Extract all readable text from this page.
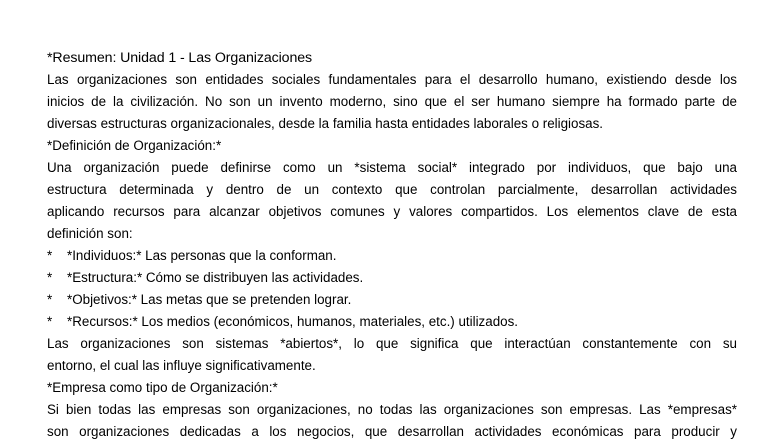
*Resumen: Unidad 1 - Las Organizaciones
Las organizaciones son entidades sociales fundamentales para el desarrollo humano, existiendo desde los
inicios de la civilización. No son un invento moderno, sino que el ser humano siempre ha formado parte de
diversas estructuras organizacionales, desde la familia hasta entidades laborales o religiosas.
*Definición de Organización:*
Una organización puede definirse como un *sistema social* integrado por individuos, que bajo una
estructura determinada y dentro de un contexto que controlan parcialmente, desarrollan actividades
aplicando recursos para alcanzar objetivos comunes y valores compartidos. Los elementos clave de esta
definición son:
*	*Individuos:* Las personas que la conforman.
*	*Estructura:* Cómo se distribuyen las actividades.
*	*Objetivos:* Las metas que se pretenden lograr.
*	*Recursos:* Los medios (económicos, humanos, materiales, etc.) utilizados.
Las organizaciones son sistemas *abiertos*, lo que significa que interactúan constantemente con su
entorno, el cual las influye significativamente.
*Empresa como tipo de Organización:*
Si bien todas las empresas son organizaciones, no todas las organizaciones son empresas. Las *empresas*
son organizaciones dedicadas a los negocios, que desarrollan actividades económicas para producir y
